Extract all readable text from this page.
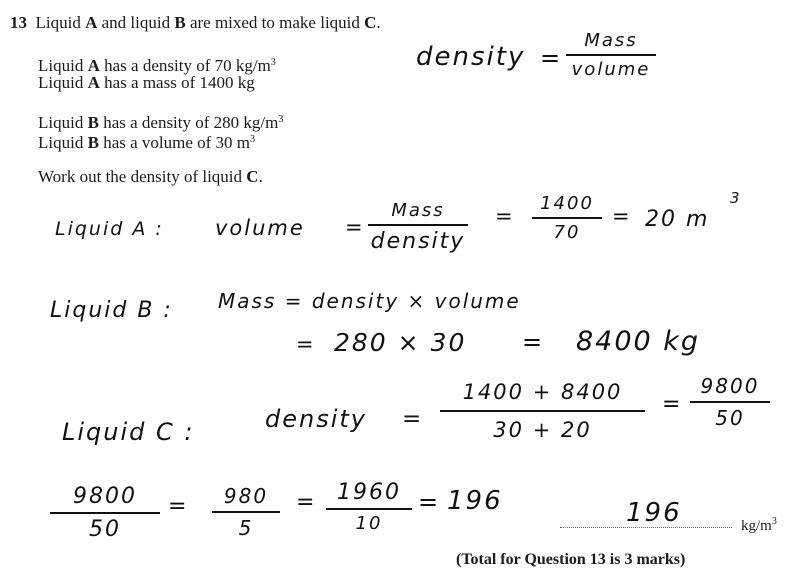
13 Liquid A and liquid B are mixed to make liquid C.
Liquid A has a density of 70 $kg/m^3$
Liquid A has a mass of 1400 kg
Liquid B has a density of 280 $kg/m^3$
Liquid B has a volume of 30 $m^3$
Work out the density of liquid C.
density =
Mass
volume
Liquid A : volume =
Mass
density
=
1400
70
= 20 m
3
Liquid B : Mass = density × volume
= 280 × 30 = 8400 kg
Liquid C :	density =
1400 + 8400
30 + 20
=
9800
50
9800
50
=	980
5
= 1960
10
= 196	196	$kg/m^3$
(Total for Question 13 is 3 marks)
